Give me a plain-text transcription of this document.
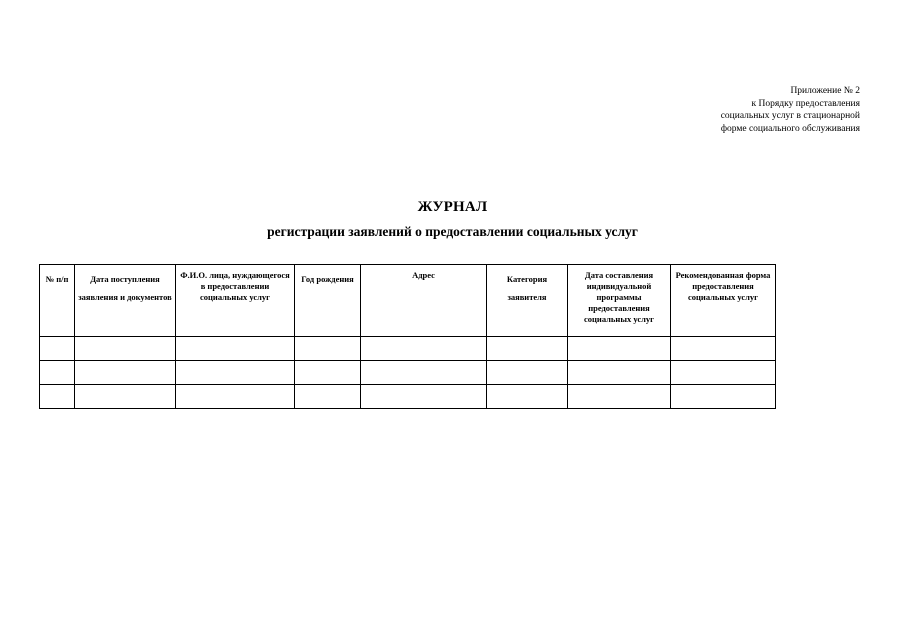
Приложение № 2
к Порядку предоставления
социальных услуг в стационарной
форме социального обслуживания
ЖУРНАЛ
регистрации заявлений о предоставлении социальных услуг
№ п/п	Дата поступления заявления и документов	Ф.И.О. лица, нуждающегося в предоставлении социальных услуг	Год рождения	Адрес	Категория заявителя	Дата составления индивидуальной программы предоставления социальных услуг	Рекомендованная форма предоставления социальных услуг
